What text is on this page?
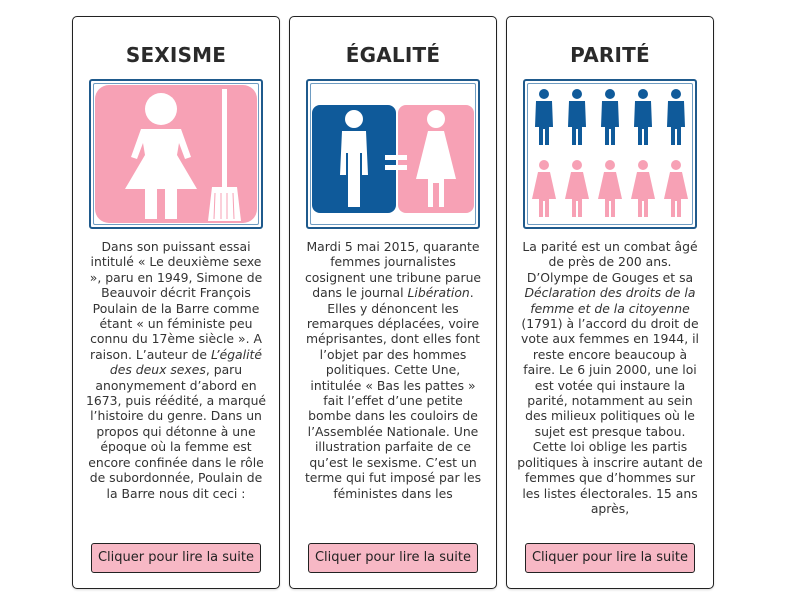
SEXISME
Dans son puissant essai intitulé « Le deuxième sexe », paru en 1949, Simone de Beauvoir décrit François Poulain de la Barre comme étant « un féministe peu connu du 17ème siècle ». A raison. L’auteur de L’égalité des deux sexes, paru anonymement d’abord en 1673, puis réédité, a marqué l’histoire du genre. Dans un propos qui détonne à une époque où la femme est encore confinée dans le rôle de subordonnée, Poulain de la Barre nous dit ceci :
Cliquer pour lire la suite
ÉGALITÉ
Mardi 5 mai 2015, quarante femmes journalistes cosignent une tribune parue dans le journal Libération. Elles y dénoncent les remarques déplacées, voire méprisantes, dont elles font l’objet par des hommes politiques. Cette Une, intitulée « Bas les pattes » fait l’effet d’une petite bombe dans les couloirs de l’Assemblée Nationale. Une illustration parfaite de ce qu’est le sexisme. C’est un terme qui fut imposé par les féministes dans les
Cliquer pour lire la suite
PARITÉ
La parité est un combat âgé de près de 200 ans. D’Olympe de Gouges et sa Déclaration des droits de la femme et de la citoyenne (1791) à l’accord du droit de vote aux femmes en 1944, il reste encore beaucoup à faire. Le 6 juin 2000, une loi est votée qui instaure la parité, notamment au sein des milieux politiques où le sujet est presque tabou. Cette loi oblige les partis politiques à inscrire autant de femmes que d’hommes sur les listes électorales. 15 ans après,
Cliquer pour lire la suite
